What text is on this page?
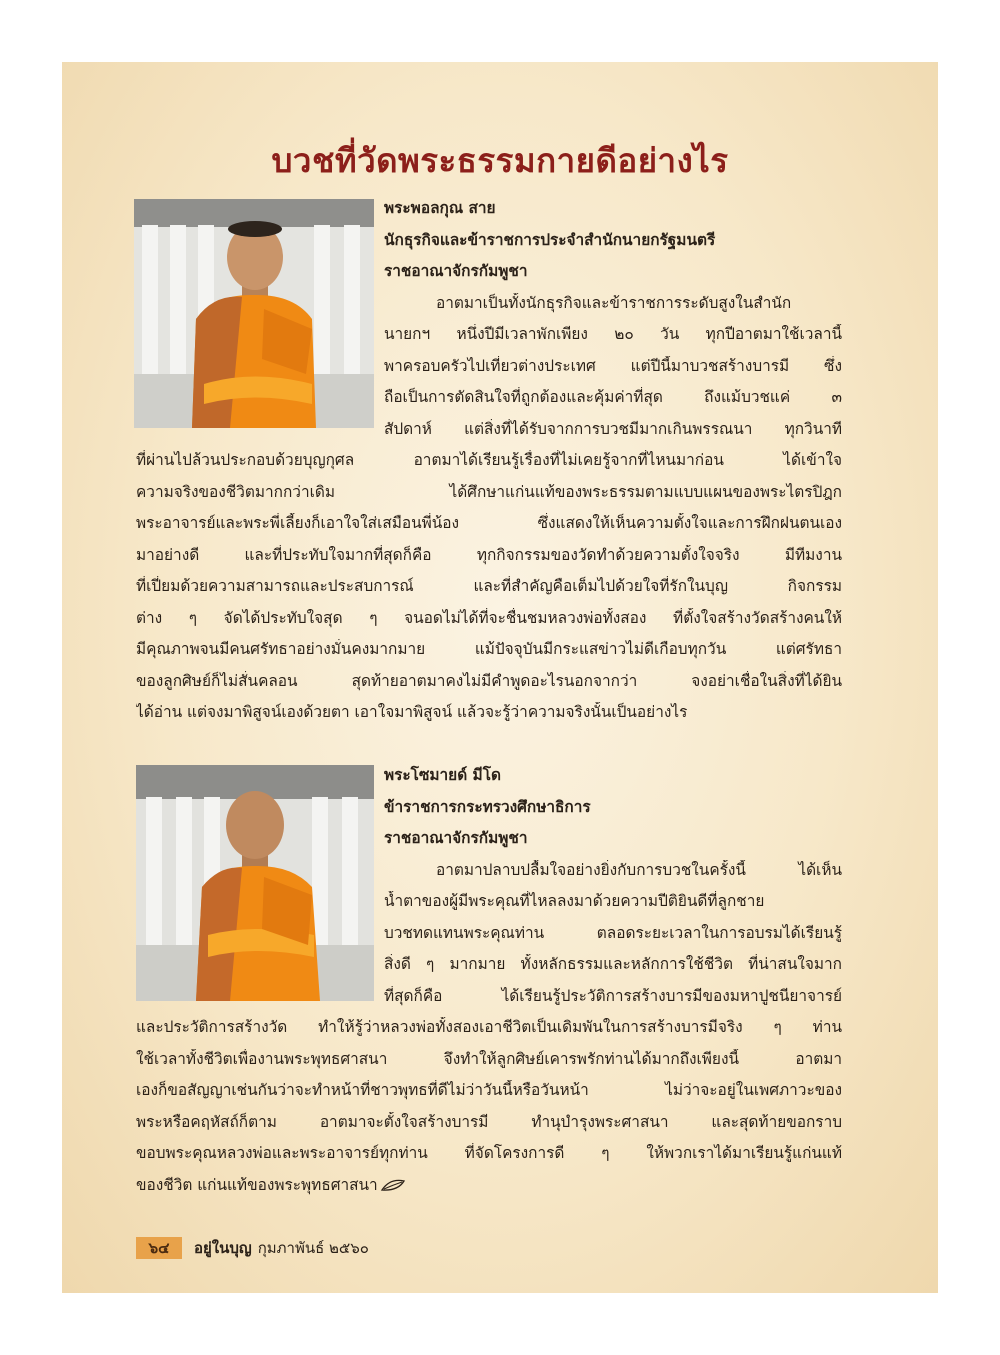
บวชที่วัดพระธรรมกายดีอย่างไร
พระพอลกุณ สาย
นักธุรกิจและข้าราชการประจำสำนักนายกรัฐมนตรี
ราชอาณาจักรกัมพูชา
อาตมาเป็นทั้งนักธุรกิจและข้าราชการระดับสูงในสำนัก
นายกฯ หนึ่งปีมีเวลาพักเพียง ๒๐ วัน ทุกปีอาตมาใช้เวลานี้
พาครอบครัวไปเที่ยวต่างประเทศ แต่ปีนี้มาบวชสร้างบารมี ซึ่ง
ถือเป็นการตัดสินใจที่ถูกต้องและคุ้มค่าที่สุด ถึงแม้บวชแค่ ๓
สัปดาห์ แต่สิ่งที่ได้รับจากการบวชมีมากเกินพรรณนา ทุกวินาที
ที่ผ่านไปล้วนประกอบด้วยบุญกุศล อาตมาได้เรียนรู้เรื่องที่ไม่เคยรู้จากที่ไหนมาก่อน ได้เข้าใจ
ความจริงของชีวิตมากกว่าเดิม ได้ศึกษาแก่นแท้ของพระธรรมตามแบบแผนของพระไตรปิฎก
พระอาจารย์และพระพี่เลี้ยงก็เอาใจใส่เสมือนพี่น้อง ซึ่งแสดงให้เห็นความตั้งใจและการฝึกฝนตนเอง
มาอย่างดี และที่ประทับใจมากที่สุดก็คือ ทุกกิจกรรมของวัดทำด้วยความตั้งใจจริง มีทีมงาน
ที่เปี่ยมด้วยความสามารถและประสบการณ์ และที่สำคัญคือเต็มไปด้วยใจที่รักในบุญ กิจกรรม
ต่าง ๆ จัดได้ประทับใจสุด ๆ จนอดไม่ได้ที่จะชื่นชมหลวงพ่อทั้งสอง ที่ตั้งใจสร้างวัดสร้างคนให้
มีคุณภาพจนมีคนศรัทธาอย่างมั่นคงมากมาย แม้ปัจจุบันมีกระแสข่าวไม่ดีเกือบทุกวัน แต่ศรัทธา
ของลูกศิษย์ก็ไม่สั่นคลอน สุดท้ายอาตมาคงไม่มีคำพูดอะไรนอกจากว่า จงอย่าเชื่อในสิ่งที่ได้ยิน
ได้อ่าน แต่จงมาพิสูจน์เองด้วยตา เอาใจมาพิสูจน์ แล้วจะรู้ว่าความจริงนั้นเป็นอย่างไร
พระโซมายด์ มีโด
ข้าราชการกระทรวงศึกษาธิการ
ราชอาณาจักรกัมพูชา
อาตมาปลาบปลื้มใจอย่างยิ่งกับการบวชในครั้งนี้ ได้เห็น
น้ำตาของผู้มีพระคุณที่ไหลลงมาด้วยความปีติยินดีที่ลูกชาย
บวชทดแทนพระคุณท่าน ตลอดระยะเวลาในการอบรมได้เรียนรู้
สิ่งดี ๆ มากมาย ทั้งหลักธรรมและหลักการใช้ชีวิต ที่น่าสนใจมาก
ที่สุดก็คือ ได้เรียนรู้ประวัติการสร้างบารมีของมหาปูชนียาจารย์
และประวัติการสร้างวัด ทำให้รู้ว่าหลวงพ่อทั้งสองเอาชีวิตเป็นเดิมพันในการสร้างบารมีจริง ๆ ท่าน
ใช้เวลาทั้งชีวิตเพื่องานพระพุทธศาสนา จึงทำให้ลูกศิษย์เคารพรักท่านได้มากถึงเพียงนี้ อาตมา
เองก็ขอสัญญาเช่นกันว่าจะทำหน้าที่ชาวพุทธที่ดีไม่ว่าวันนี้หรือวันหน้า ไม่ว่าจะอยู่ในเพศภาวะของ
พระหรือคฤหัสถ์ก็ตาม อาตมาจะตั้งใจสร้างบารมี ทำนุบำรุงพระศาสนา และสุดท้ายขอกราบ
ขอบพระคุณหลวงพ่อและพระอาจารย์ทุกท่าน ที่จัดโครงการดี ๆ ให้พวกเราได้มาเรียนรู้แก่นแท้
ของชีวิต แก่นแท้ของพระพุทธศาสนา
๖๔	อยู่ในบุญ กุมภาพันธ์ ๒๕๖๐
